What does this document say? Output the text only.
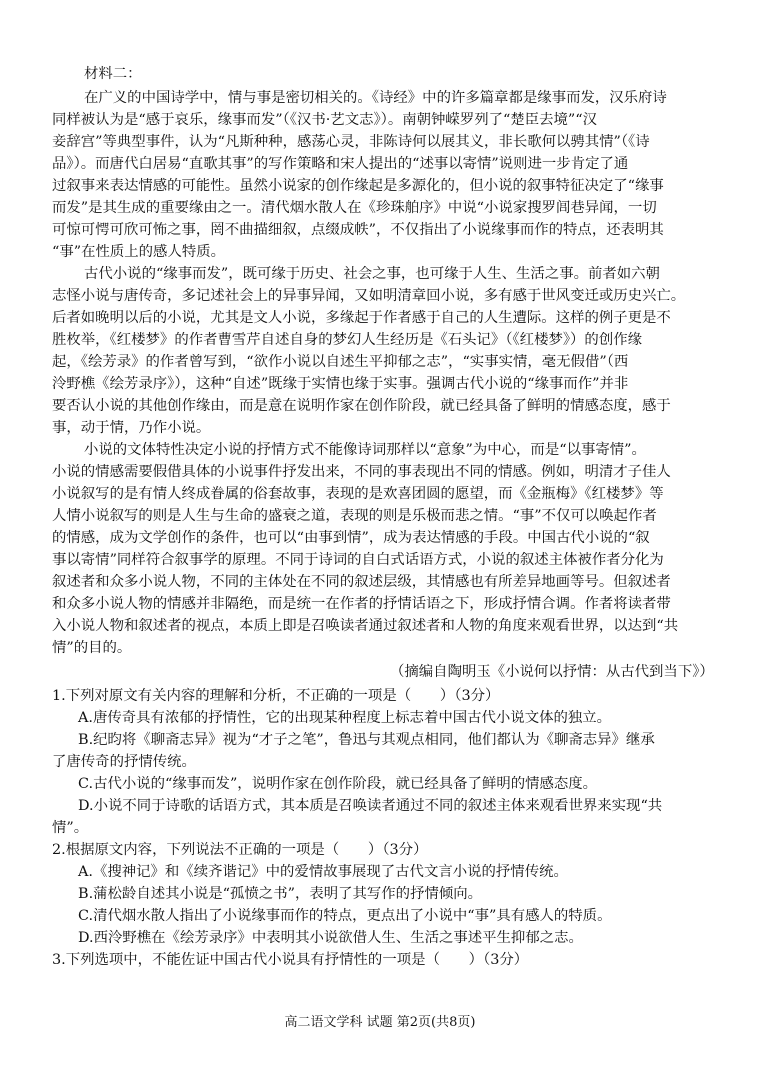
材料二：
在广义的中国诗学中，情与事是密切相关的。《诗经》中的许多篇章都是缘事而发，汉乐府诗
同样被认为是“感于哀乐，缘事而发”（《汉书·艺文志》）。南朝钟嵘罗列了“楚臣去境”“汉
妾辞宫”等典型事件，认为“凡斯种种，感荡心灵，非陈诗何以展其义，非长歌何以骋其情”（《诗
品》）。而唐代白居易“直歌其事”的写作策略和宋人提出的“述事以寄情”说则进一步肯定了通
过叙事来表达情感的可能性。虽然小说家的创作缘起是多源化的，但小说的叙事特征决定了“缘事
而发”是其生成的重要缘由之一。清代烟水散人在《珍珠舶序》中说“小说家搜罗闾巷异闻，一切
可惊可愕可欣可怖之事，罔不曲描细叙，点缀成帙”，不仅指出了小说缘事而作的特点，还表明其
“事”在性质上的感人特质。
古代小说的“缘事而发”，既可缘于历史、社会之事，也可缘于人生、生活之事。前者如六朝
志怪小说与唐传奇，多记述社会上的异事异闻，又如明清章回小说，多有感于世风变迁或历史兴亡。
后者如晚明以后的小说，尤其是文人小说，多缘起于作者感于自己的人生遭际。这样的例子更是不
胜枚举，《红楼梦》的作者曹雪芹自述自身的梦幻人生经历是《石头记》（《红楼梦》）的创作缘
起，《绘芳录》的作者曾写到，“欲作小说以自述生平抑郁之志”，“实事实情，毫无假借”（西
泠野樵《绘芳录序》），这种“自述”既缘于实情也缘于实事。强调古代小说的“缘事而作”并非
要否认小说的其他创作缘由，而是意在说明作家在创作阶段，就已经具备了鲜明的情感态度，感于
事，动于情，乃作小说。
小说的文体特性决定小说的抒情方式不能像诗词那样以“意象”为中心，而是“以事寄情”。
小说的情感需要假借具体的小说事件抒发出来，不同的事表现出不同的情感。例如，明清才子佳人
小说叙写的是有情人终成眷属的俗套故事，表现的是欢喜团圆的愿望，而《金瓶梅》《红楼梦》等
人情小说叙写的则是人生与生命的盛衰之道，表现的则是乐极而悲之情。“事”不仅可以唤起作者
的情感，成为文学创作的条件，也可以“由事到情”，成为表达情感的手段。中国古代小说的“叙
事以寄情”同样符合叙事学的原理。不同于诗词的自白式话语方式，小说的叙述主体被作者分化为
叙述者和众多小说人物，不同的主体处在不同的叙述层级，其情感也有所差异地画等号。但叙述者
和众多小说人物的情感并非隔绝，而是统一在作者的抒情话语之下，形成抒情合调。作者将读者带
入小说人物和叙述者的视点，本质上即是召唤读者通过叙述者和人物的角度来观看世界，以达到“共
情”的目的。
（摘编自陶明玉《小说何以抒情：从古代到当下》）
1.下列对原文有关内容的理解和分析，不正确的一项是（　　）（3分）
A.唐传奇具有浓郁的抒情性，它的出现某种程度上标志着中国古代小说文体的独立。
B.纪昀将《聊斋志异》视为“才子之笔”，鲁迅与其观点相同，他们都认为《聊斋志异》继承
了唐传奇的抒情传统。
C.古代小说的“缘事而发”，说明作家在创作阶段，就已经具备了鲜明的情感态度。
D.小说不同于诗歌的话语方式，其本质是召唤读者通过不同的叙述主体来观看世界来实现“共
情”。
2.根据原文内容，下列说法不正确的一项是（　　）（3分）
A.《搜神记》和《续齐谐记》中的爱情故事展现了古代文言小说的抒情传统。
B.蒲松龄自述其小说是“孤愤之书”，表明了其写作的抒情倾向。
C.清代烟水散人指出了小说缘事而作的特点，更点出了小说中“事”具有感人的特质。
D.西泠野樵在《绘芳录序》中表明其小说欲借人生、生活之事述平生抑郁之志。
3.下列选项中，不能佐证中国古代小说具有抒情性的一项是（　　）（3分）
高二语文学科 试题 第2页(共8页)
